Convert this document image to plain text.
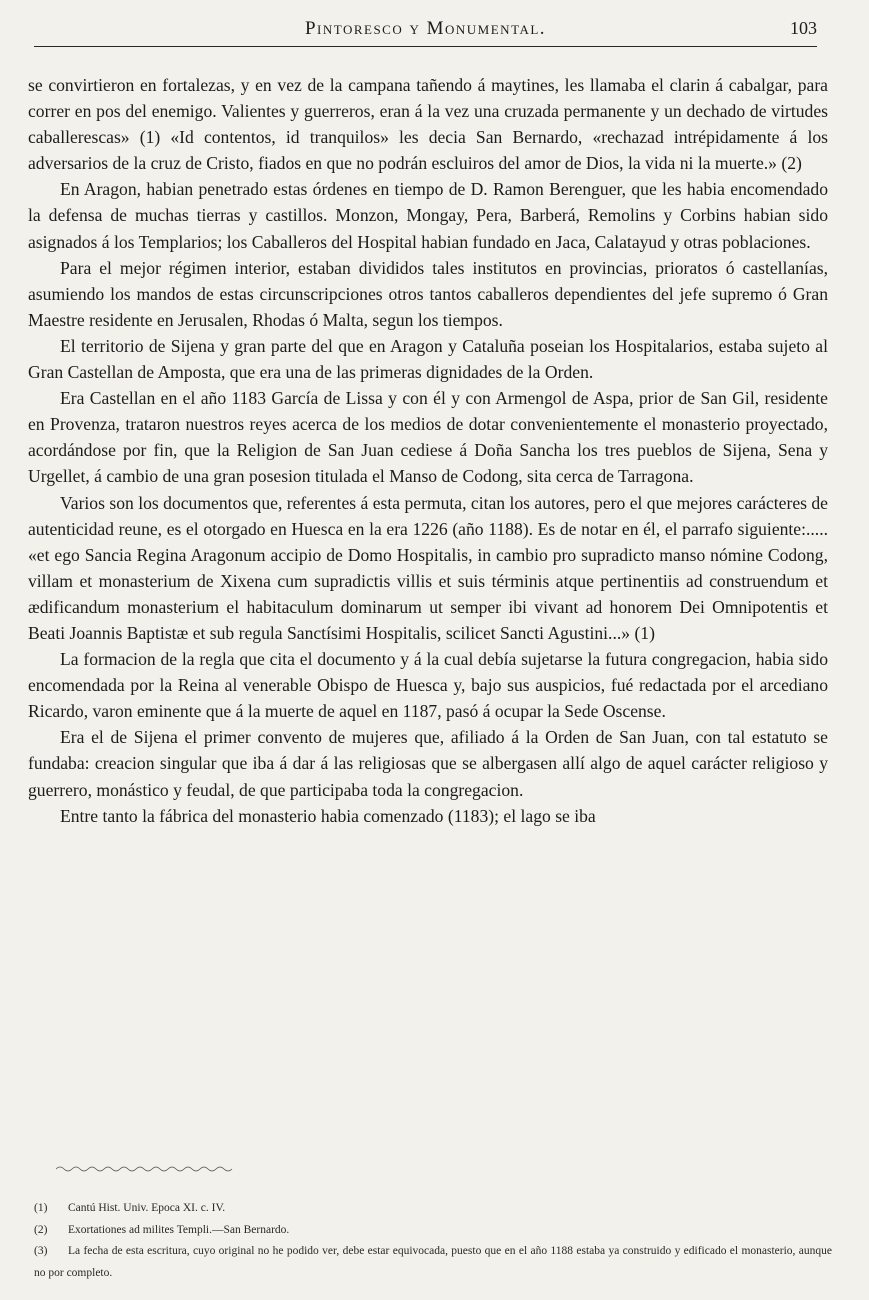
Pintoresco y Monumental.	103

se convirtieron en fortalezas, y en vez de la campana tañendo á maytines, les llamaba el clarin á cabalgar, para correr en pos del enemigo. Valientes y guerreros, eran á la vez una cruzada permanente y un dechado de virtudes caballerescas» (1) «Id contentos, id tranquilos» les decia San Bernardo, «rechazad intrépidamente á los adversarios de la cruz de Cristo, fiados en que no podrán escluiros del amor de Dios, la vida ni la muerte.» (2)

En Aragon, habian penetrado estas órdenes en tiempo de D. Ramon Berenguer, que les habia encomendado la defensa de muchas tierras y castillos. Monzon, Mongay, Pera, Barberá, Remolins y Corbins habian sido asignados á los Templarios; los Caballeros del Hospital habian fundado en Jaca, Calatayud y otras poblaciones.

Para el mejor régimen interior, estaban divididos tales institutos en provincias, prioratos ó castellanías, asumiendo los mandos de estas circunscripciones otros tantos caballeros dependientes del jefe supremo ó Gran Maestre residente en Jerusalen, Rhodas ó Malta, segun los tiempos.

El territorio de Sijena y gran parte del que en Aragon y Cataluña poseian los Hospitalarios, estaba sujeto al Gran Castellan de Amposta, que era una de las primeras dignidades de la Orden.

Era Castellan en el año 1183 García de Lissa y con él y con Armengol de Aspa, prior de San Gil, residente en Provenza, trataron nuestros reyes acerca de los medios de dotar convenientemente el monasterio proyectado, acordándose por fin, que la Religion de San Juan cediese á Doña Sancha los tres pueblos de Sijena, Sena y Urgellet, á cambio de una gran posesion titulada el Manso de Codong, sita cerca de Tarragona.

Varios son los documentos que, referentes á esta permuta, citan los autores, pero el que mejores carácteres de autenticidad reune, es el otorgado en Huesca en la era 1226 (año 1188). Es de notar en él, el parrafo siguiente:..... «et ego Sancia Regina Aragonum accipio de Domo Hospitalis, in cambio pro supradicto manso nómine Codong, villam et monasterium de Xixena cum supradictis villis et suis términis atque pertinentiis ad construendum et ædificandum monasterium el habitaculum dominarum ut semper ibi vivant ad honorem Dei Omnipotentis et Beati Joannis Baptistæ et sub regula Sanctísimi Hospitalis, scilicet Sancti Agustini...» (1)

La formacion de la regla que cita el documento y á la cual debía sujetarse la futura congregacion, habia sido encomendada por la Reina al venerable Obispo de Huesca y, bajo sus auspicios, fué redactada por el arcediano Ricardo, varon eminente que á la muerte de aquel en 1187, pasó á ocupar la Sede Oscense.

Era el de Sijena el primer convento de mujeres que, afiliado á la Orden de San Juan, con tal estatuto se fundaba: creacion singular que iba á dar á las religiosas que se albergasen allí algo de aquel carácter religioso y guerrero, monástico y feudal, de que participaba toda la congregacion.

Entre tanto la fábrica del monasterio habia comenzado (1183); el lago se iba

(1) Cantú Hist. Univ. Epoca XI. c. IV.

(2) Exortationes ad milites Templi.—San Bernardo.

(3) La fecha de esta escritura, cuyo original no he podido ver, debe estar equivocada, puesto que en el año 1188 estaba ya construido y edificado el monasterio, aunque no por completo.
